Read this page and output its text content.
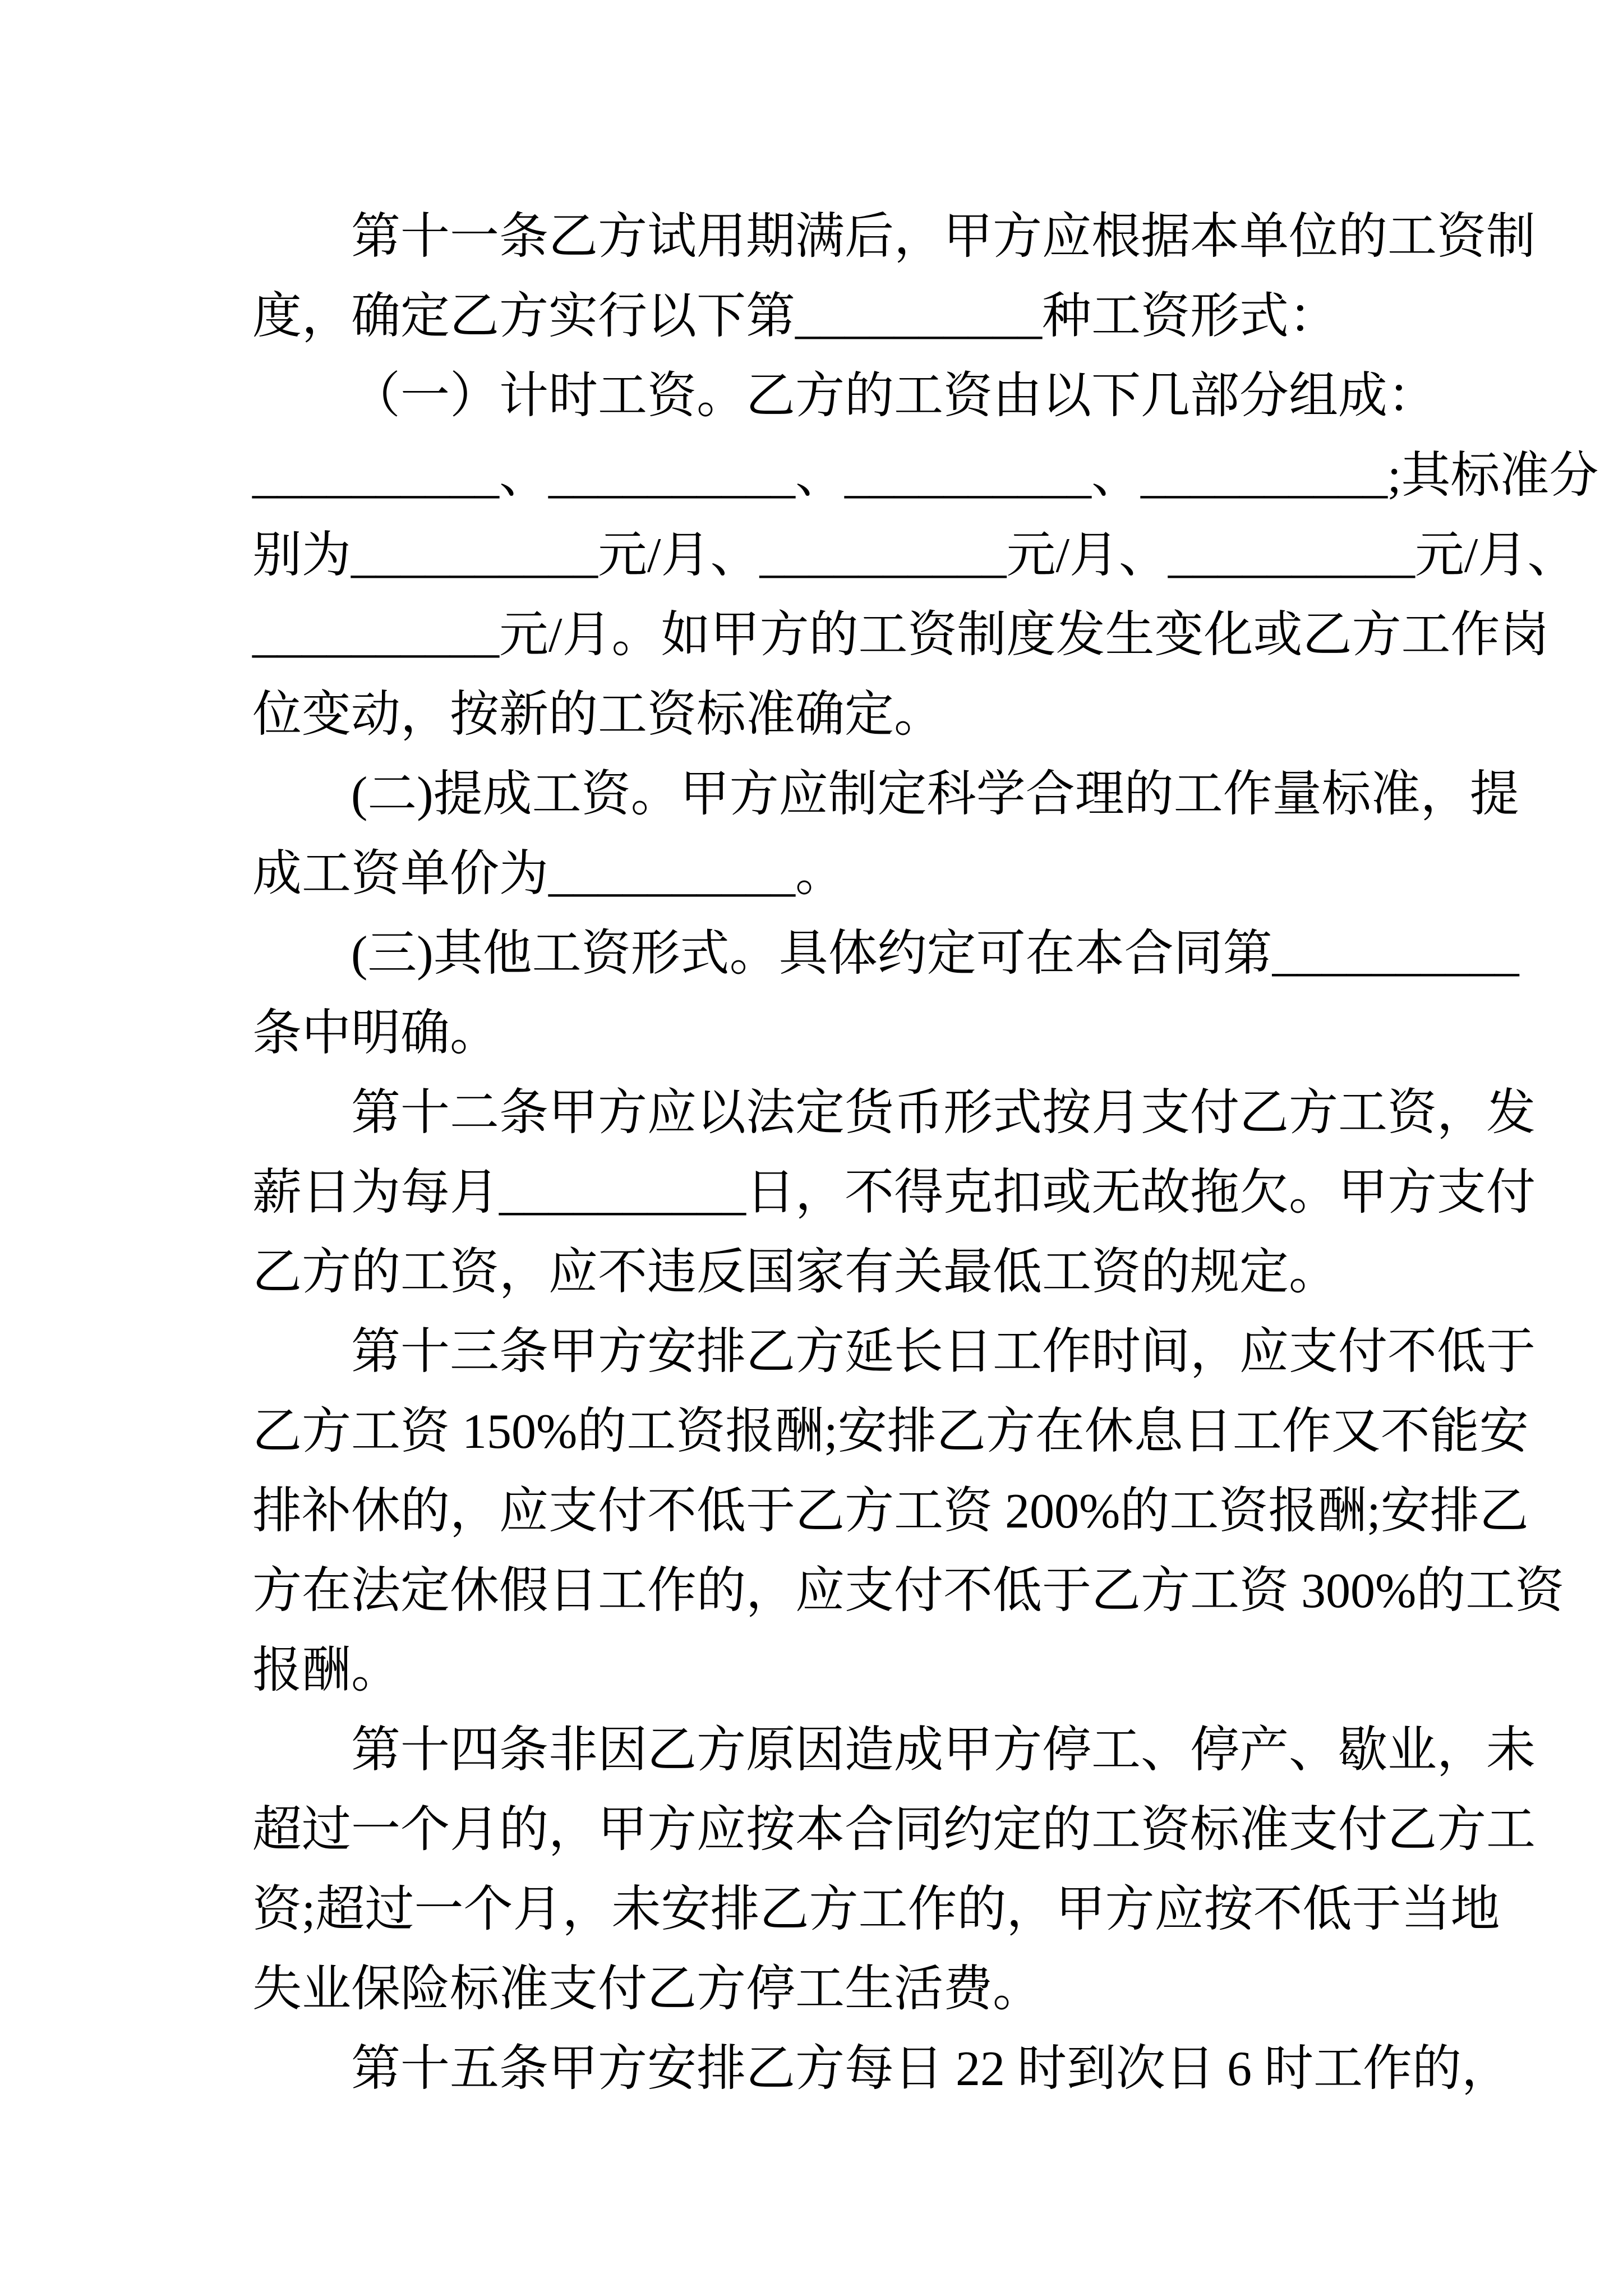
第十一条乙方试用期满后，甲方应根据本单位的工资制
度，确定乙方实行以下第__________种工资形式：
（一）计时工资。乙方的工资由以下几部分组成：
__________、__________、__________、__________;其标准分
别为__________元/月、__________元/月、__________元/月、
__________元/月。如甲方的工资制度发生变化或乙方工作岗
位变动，按新的工资标准确定。
(二)提成工资。甲方应制定科学合理的工作量标准，提
成工资单价为__________。
(三)其他工资形式。具体约定可在本合同第__________
条中明确。
第十二条甲方应以法定货币形式按月支付乙方工资，发
薪日为每月__________日，不得克扣或无故拖欠。甲方支付
乙方的工资，应不违反国家有关最低工资的规定。
第十三条甲方安排乙方延长日工作时间，应支付不低于
乙方工资 150%的工资报酬;安排乙方在休息日工作又不能安
排补休的，应支付不低于乙方工资 200%的工资报酬;安排乙
方在法定休假日工作的，应支付不低于乙方工资 300%的工资
报酬。
第十四条非因乙方原因造成甲方停工、停产、歇业，未
超过一个月的，甲方应按本合同约定的工资标准支付乙方工
资;超过一个月，未安排乙方工作的，甲方应按不低于当地
失业保险标准支付乙方停工生活费。
第十五条甲方安排乙方每日 22 时到次日 6 时工作的，
